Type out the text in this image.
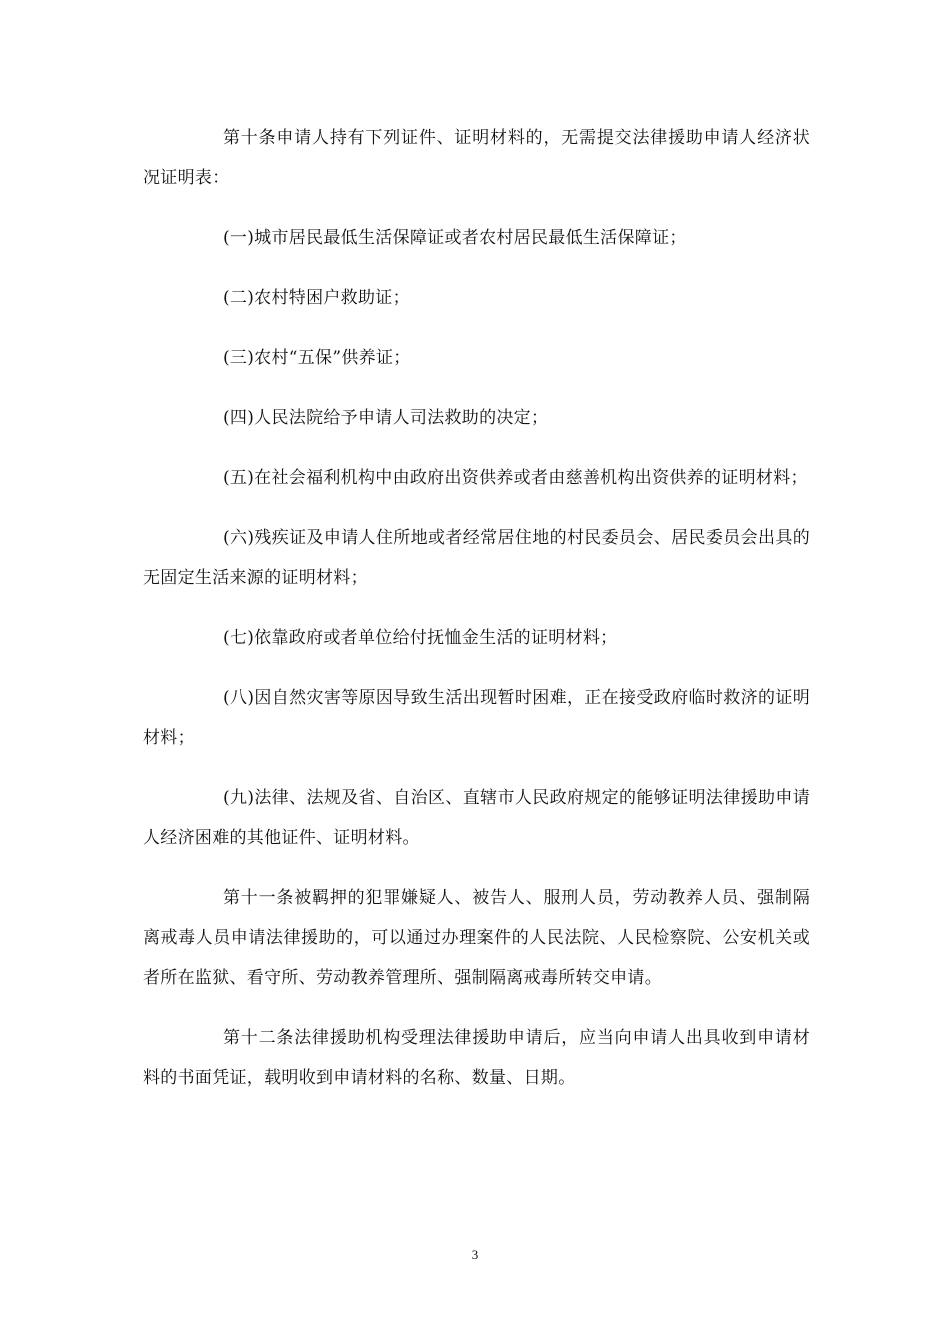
第十条申请人持有下列证件、证明材料的，无需提交法律援助申请人经济状况证明表：

(一)城市居民最低生活保障证或者农村居民最低生活保障证；

(二)农村特困户救助证；

(三)农村“五保”供养证；

(四)人民法院给予申请人司法救助的决定；

(五)在社会福利机构中由政府出资供养或者由慈善机构出资供养的证明材料；

(六)残疾证及申请人住所地或者经常居住地的村民委员会、居民委员会出具的无固定生活来源的证明材料；

(七)依靠政府或者单位给付抚恤金生活的证明材料；

(八)因自然灾害等原因导致生活出现暂时困难，正在接受政府临时救济的证明材料；

(九)法律、法规及省、自治区、直辖市人民政府规定的能够证明法律援助申请人经济困难的其他证件、证明材料。

第十一条被羁押的犯罪嫌疑人、被告人、服刑人员，劳动教养人员、强制隔离戒毒人员申请法律援助的，可以通过办理案件的人民法院、人民检察院、公安机关或者所在监狱、看守所、劳动教养管理所、强制隔离戒毒所转交申请。

第十二条法律援助机构受理法律援助申请后，应当向申请人出具收到申请材料的书面凭证，载明收到申请材料的名称、数量、日期。

3
